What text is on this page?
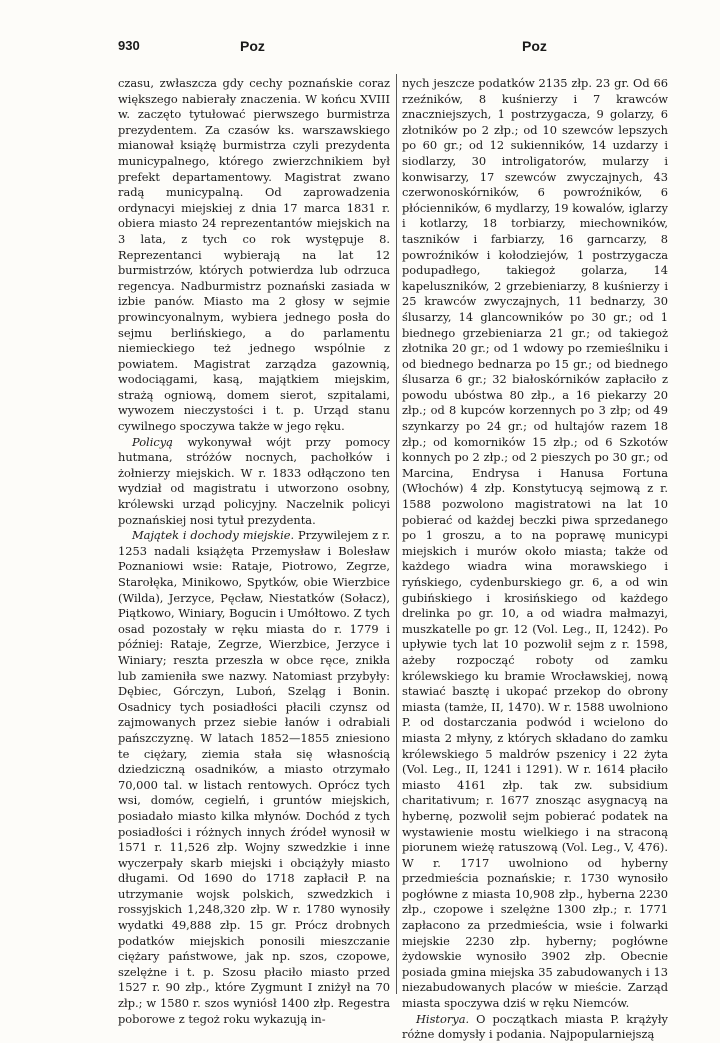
930	Poz	Poz

czasu, zwłaszcza gdy cechy poznańskie coraz większego nabierały znaczenia. W końcu XVIII w. zaczęto tytułować pierwszego burmistrza prezydentem. Za czasów ks. warszawskiego mianował książę burmistrza czyli prezydenta municypalnego, którego zwierzchnikiem był prefekt departamentowy. Magistrat zwano radą municypalną. Od zaprowadzenia ordynacyi miejskiej z dnia 17 marca 1831 r. obiera miasto 24 reprezentantów miejskich na 3 lata, z tych co rok występuje 8. Reprezentanci wybierają na lat 12 burmistrzów, których potwierdza lub odrzuca regencya. Nadburmistrz poznański zasiada w izbie panów. Miasto ma 2 głosy w sejmie prowincyonalnym, wybiera jednego posła do sejmu berlińskiego, a do parlamentu niemieckiego też jednego wspólnie z powiatem. Magistrat zarządza gazownią, wodociągami, kasą, majątkiem miejskim, strażą ogniową, domem sierot, szpitalami, wywozem nieczystości i t. p. Urząd stanu cywilnego spoczywa także w jego ręku.

Policyą wykonywał wójt przy pomocy hutmana, stróżów nocnych, pachołków i żołnierzy miejskich. W r. 1833 odłączono ten wydział od magistratu i utworzono osobny, królewski urząd policyjny. Naczelnik policyi poznańskiej nosi tytuł prezydenta.

Majątek i dochody miejskie. Przywilejem z r. 1253 nadali książęta Przemysław i Bolesław Poznaniowi wsie: Rataje, Piotrowo, Zegrze, Starołęka, Minikowo, Spytków, obie Wierzbice (Wilda), Jerzyce, Pęcław, Niestatków (Sołacz), Piątkowo, Winiary, Bogucin i Umółtowo. Z tych osad pozostały w ręku miasta do r. 1779 i później: Rataje, Zegrze, Wierzbice, Jerzyce i Winiary; reszta przeszła w obce ręce, znikła lub zamieniła swe nazwy. Natomiast przybyły: Dębiec, Górczyn, Luboń, Szeląg i Bonin. Osadnicy tych posiadłości płacili czynsz od zajmowanych przez siebie łanów i odrabiali pańszczyznę. W latach 1852—1855 zniesiono te ciężary, ziemia stała się własnością dziedziczną osadników, a miasto otrzymało 70,000 tal. w listach rentowych. Oprócz tych wsi, domów, cegielń, i gruntów miejskich, posiadało miasto kilka młynów. Dochód z tych posiadłości i różnych innych źródeł wynosił w 1571 r. 11,526 złp. Wojny szwedzkie i inne wyczerpały skarb miejski i obciążyły miasto długami. Od 1690 do 1718 zapłacił P. na utrzymanie wojsk polskich, szwedzkich i rossyjskich 1,248,320 złp. W r. 1780 wynosiły wydatki 49,888 złp. 15 gr. Prócz drobnych podatków miejskich ponosili mieszczanie ciężary państwowe, jak np. szos, czopowe, szelężne i t. p. Szosu płaciło miasto przed 1527 r. 90 złp., które Zygmunt I zniżył na 70 złp.; w 1580 r. szos wyniósł 1400 złp. Regestra poborowe z tegoż roku wykazują in-

nych jeszcze podatków 2135 złp. 23 gr. Od 66 rzeźników, 8 kuśnierzy i 7 krawców znaczniejszych, 1 postrzygacza, 9 golarzy, 6 złotników po 2 złp.; od 10 szewców lepszych po 60 gr.; od 12 sukienników, 14 uzdarzy i siodlarzy, 30 introligatorów, mularzy i konwisarzy, 17 szewców zwyczajnych, 43 czerwonoskórników, 6 powroźników, 6 płócienników, 6 mydlarzy, 19 kowalów, iglarzy i kotlarzy, 18 torbiarzy, miechowników, taszników i farbiarzy, 16 garncarzy, 8 powroźników i kołodziejów, 1 postrzygacza podupadłego, takiegoż golarza, 14 kapeluszników, 2 grzebieniarzy, 8 kuśnierzy i 25 krawców zwyczajnych, 11 bednarzy, 30 ślusarzy, 14 glancowników po 30 gr.; od 1 biednego grzebieniarza 21 gr.; od takiegoż złotnika 20 gr.; od 1 wdowy po rzemieślniku i od biednego bednarza po 15 gr.; od biednego ślusarza 6 gr.; 32 białoskórników zapłaciło z powodu ubóstwa 80 złp., a 16 piekarzy 20 złp.; od 8 kupców korzennych po 3 złp; od 49 szynkarzy po 24 gr.; od hultajów razem 18 złp.; od komorników 15 złp.; od 6 Szkotów konnych po 2 złp.; od 2 pieszych po 30 gr.; od Marcina, Endrysa i Hanusa Fortuna (Włochów) 4 złp. Konstytucyą sejmową z r. 1588 pozwolono magistratowi na lat 10 pobierać od każdej beczki piwa sprzedanego po 1 groszu, a to na poprawę municypi miejskich i murów około miasta; także od każdego wiadra wina morawskiego i ryńskiego, cydenburskiego gr. 6, a od win gubińskiego i krosińskiego od każdego drelinka po gr. 10, a od wiadra małmazyi, muszkatelle po gr. 12 (Vol. Leg., II, 1242). Po upływie tych lat 10 pozwolił sejm z r. 1598, ażeby rozpocząć roboty od zamku królewskiego ku bramie Wrocławskiej, nową stawiać basztę i ukopać przekop do obrony miasta (tamże, II, 1470). W r. 1588 uwolniono P. od dostarczania podwód i wcielono do miasta 2 młyny, z których składano do zamku królewskiego 5 maldrów pszenicy i 22 żyta (Vol. Leg., II, 1241 i 1291). W r. 1614 płaciło miasto 4161 złp. tak zw. subsidium charitativum; r. 1677 znosząc asygnacyą na hybernę, pozwolił sejm pobierać podatek na wystawienie mostu wielkiego i na straconą piorunem wieżę ratuszową (Vol. Leg., V, 476). W r. 1717 uwolniono od hyberny przedmieścia poznańskie; r. 1730 wynosiło pogłówne z miasta 10,908 złp., hyberna 2230 złp., czopowe i szelężne 1300 złp.; r. 1771 zapłacono za przedmieścia, wsie i folwarki miejskie 2230 złp. hyberny; pogłówne żydowskie wynosiło 3902 złp. Obecnie posiada gmina miejska 35 zabudowanych i 13 niezabudowanych placów w mieście. Zarząd miasta spoczywa dziś w ręku Niemców.

Historya. O początkach miasta P. krążyły różne domysły i podania. Najpopularniejszą
